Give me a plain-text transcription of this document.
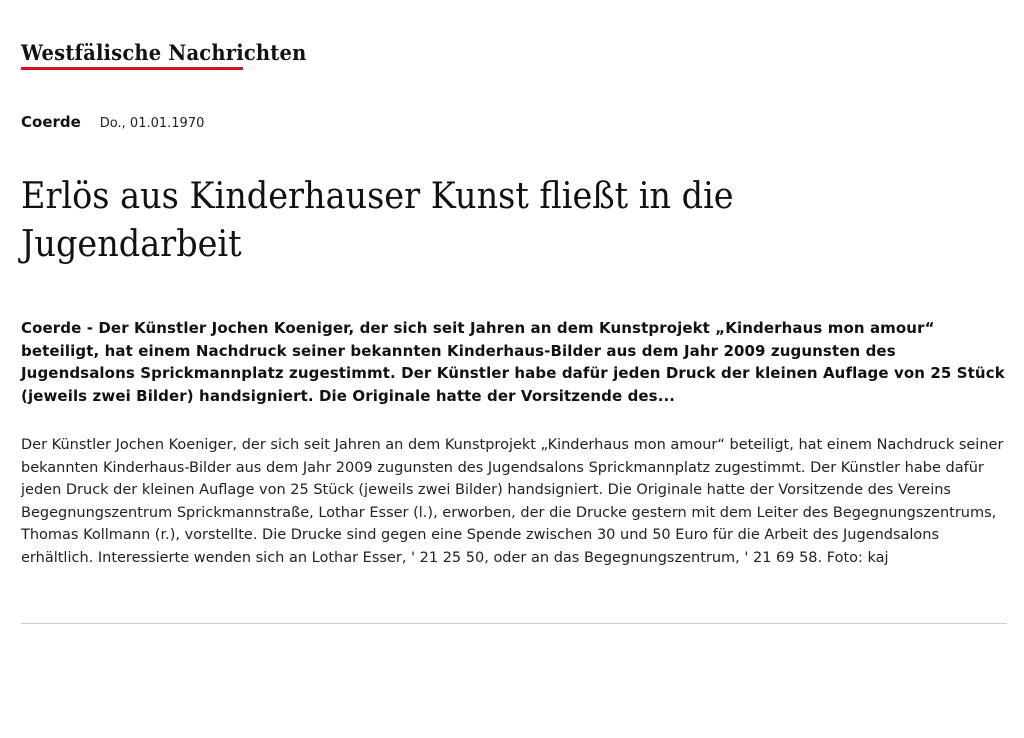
Westfälische Nachrichten
Coerde Do., 01.01.1970
Erlös aus Kinderhauser Kunst fließt in die Jugendarbeit

Coerde - Der Künstler Jochen Koeniger, der sich seit Jahren an dem Kunstprojekt „Kinderhaus mon amour“ beteiligt, hat einem Nachdruck seiner bekannten Kinderhaus-Bilder aus dem Jahr 2009 zugunsten des Jugendsalons Sprickmannplatz zugestimmt. Der Künstler habe dafür jeden Druck der kleinen Auflage von 25 Stück (jeweils zwei Bilder) handsigniert. Die Originale hatte der Vorsitzende des...

Der Künstler Jochen Koeniger, der sich seit Jahren an dem Kunstprojekt „Kinderhaus mon amour“ beteiligt, hat einem Nachdruck seiner bekannten Kinderhaus-Bilder aus dem Jahr 2009 zugunsten des Jugendsalons Sprickmannplatz zugestimmt. Der Künstler habe dafür jeden Druck der kleinen Auflage von 25 Stück (jeweils zwei Bilder) handsigniert. Die Originale hatte der Vorsitzende des Vereins Begegnungszentrum Sprickmannstraße, Lothar Esser (l.), erworben, der die Drucke gestern mit dem Leiter des Begegnungszentrums, Thomas Kollmann (r.), vorstellte. Die Drucke sind gegen eine Spende zwischen 30 und 50 Euro für die Arbeit des Jugendsalons erhältlich. Interessierte wenden sich an Lothar Esser, ' 21 25 50, oder an das Begegnungszentrum, ' 21 69 58. Foto: kaj
